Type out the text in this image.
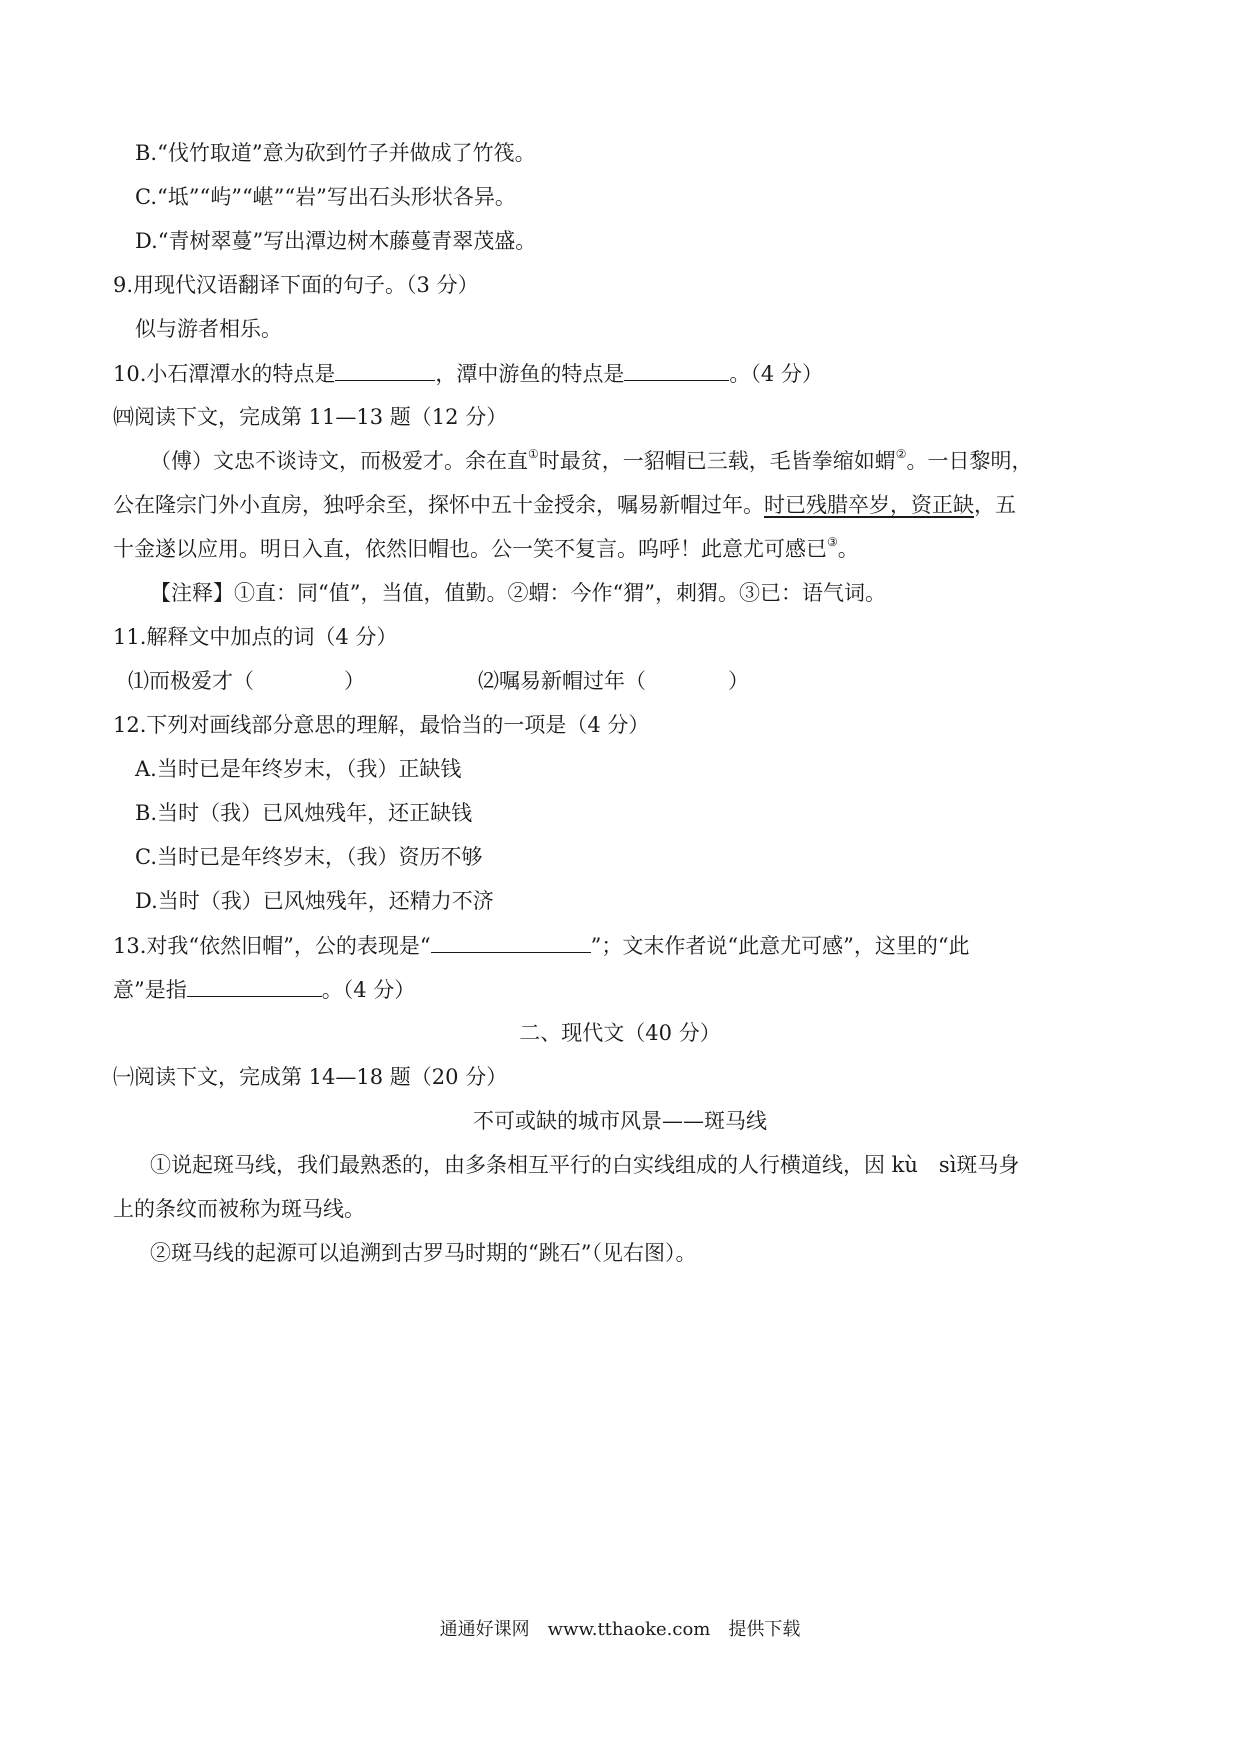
B.“伐竹取道”意为砍到竹子并做成了竹筏。
C.“坻”“屿”“嵁”“岩”写出石头形状各异。
D.“青树翠蔓”写出潭边树木藤蔓青翠茂盛。
9.用现代汉语翻译下面的句子。（3 分）
似与游者相乐。
10.小石潭潭水的特点是	，潭中游鱼的特点是	。（4 分）
㈣阅读下文，完成第 11—13 题（12 分）
（傅）文忠不谈诗文，而极爱才。余在直①时最贫，一貂帽已三载，毛皆拳缩如蝟②。一日黎明，
公在隆宗门外小直房，独呼余至，探怀中五十金授余，嘱易新帽过年。时已残腊卒岁，资正缺，五
十金遂以应用。明日入直，依然旧帽也。公一笑不复言。呜呼！此意尤可感已③。
【注释】①直：同“值”，当值，值勤。②蝟：今作“猬”，刺猬。③已：语气词。
11.解释文中加点的词（4 分）
⑴而极爱才（	）	⑵嘱易新帽过年（	）
12.下列对画线部分意思的理解，最恰当的一项是（4 分）
A.当时已是年终岁末，（我）正缺钱
B.当时（我）已风烛残年，还正缺钱
C.当时已是年终岁末，（我）资历不够
D.当时（我）已风烛残年，还精力不济
13.对我“依然旧帽”，公的表现是“	”；文末作者说“此意尤可感”，这里的“此
意”是指	。（4 分）
二、现代文（40 分）
㈠阅读下文，完成第 14—18 题（20 分）
不可或缺的城市风景——斑马线
①说起斑马线，我们最熟悉的，由多条相互平行的白实线组成的人行横道线，因 kù　sì斑马身
上的条纹而被称为斑马线。
②斑马线的起源可以追溯到古罗马时期的“跳石”（见右图）。
通通好课网　www.tthaoke.com　提供下载
